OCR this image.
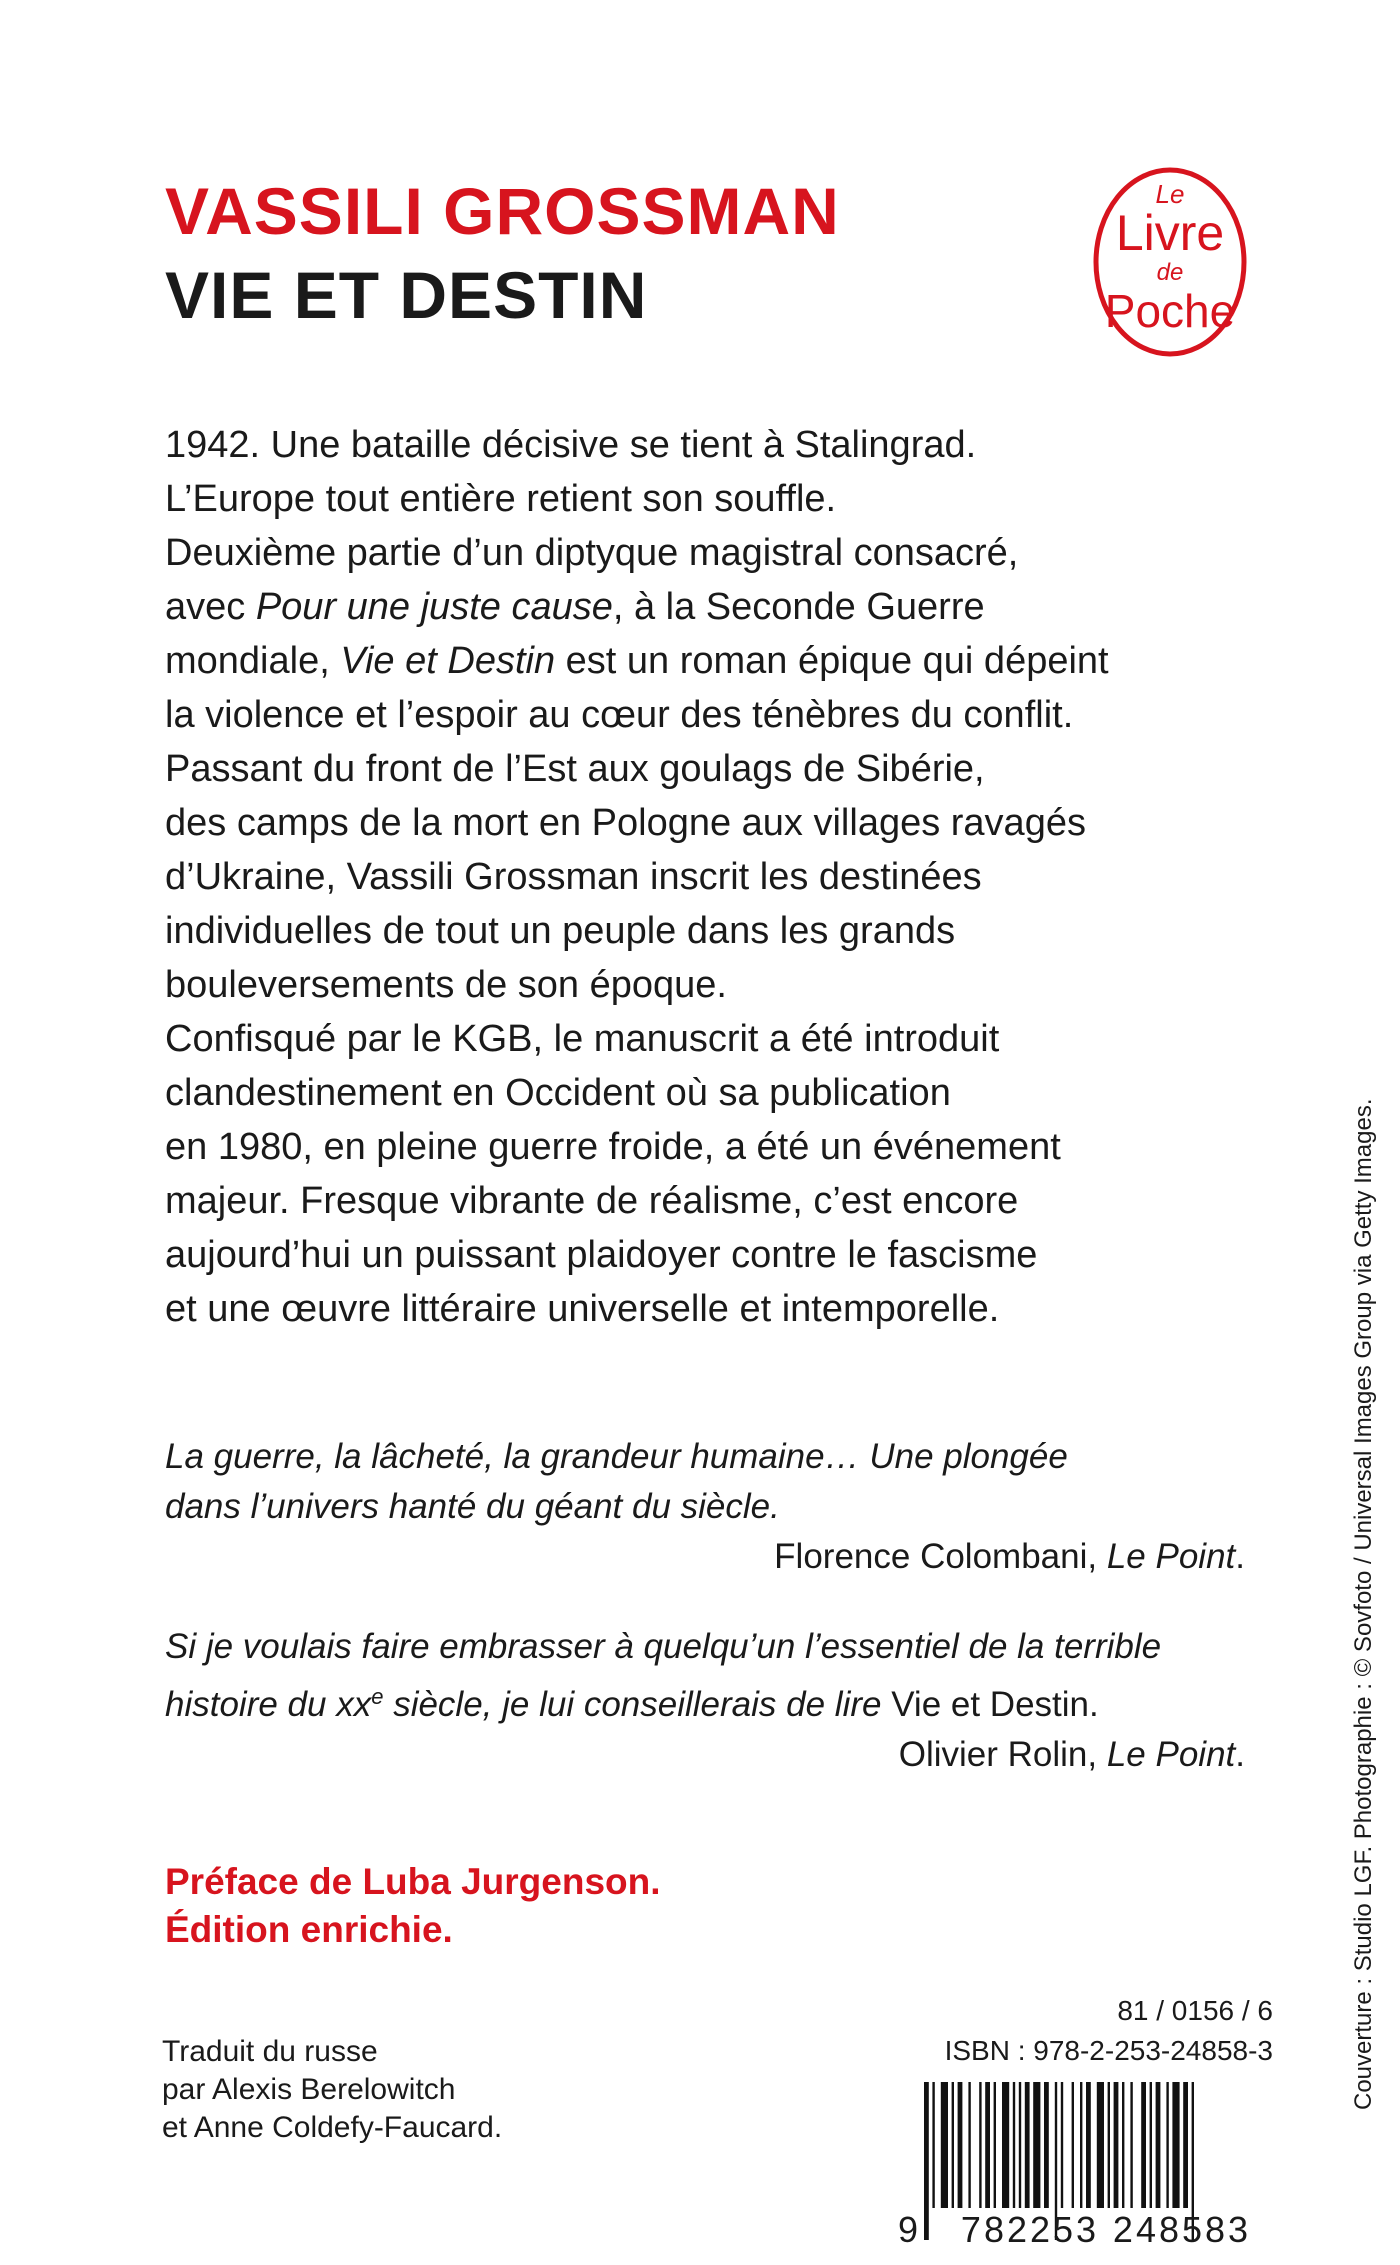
VASSILI GROSSMAN
VIE ET DESTIN
Le
Livre
de
Poche
1942. Une bataille décisive se tient à Stalingrad.
L’Europe tout entière retient son souffle.
Deuxième partie d’un diptyque magistral consacré,
avec Pour une juste cause, à la Seconde Guerre
mondiale, Vie et Destin est un roman épique qui dépeint
la violence et l’espoir au cœur des ténèbres du conflit.
Passant du front de l’Est aux goulags de Sibérie,
des camps de la mort en Pologne aux villages ravagés
d’Ukraine, Vassili Grossman inscrit les destinées
individuelles de tout un peuple dans les grands
bouleversements de son époque.
Confisqué par le KGB, le manuscrit a été introduit
clandestinement en Occident où sa publication
en 1980, en pleine guerre froide, a été un événement
majeur. Fresque vibrante de réalisme, c’est encore
aujourd’hui un puissant plaidoyer contre le fascisme
et une œuvre littéraire universelle et intemporelle.
La guerre, la lâcheté, la grandeur humaine… Une plongée
dans l’univers hanté du géant du siècle.
Florence Colombani, Le Point.
Si je voulais faire embrasser à quelqu’un l’essentiel de la terrible
histoire du $xx^e$ siècle, je lui conseillerais de lire Vie et Destin.
Olivier Rolin, Le Point.
Préface de Luba Jurgenson.
Édition enrichie.
Traduit du russe
par Alexis Berelowitch
et Anne Coldefy-Faucard.
81 / 0156 / 6
ISBN : 978-2-253-24858-3
9 782253 248583
Couverture : Studio LGF. Photographie : © Sovfoto / Universal Images Group via Getty Images.
